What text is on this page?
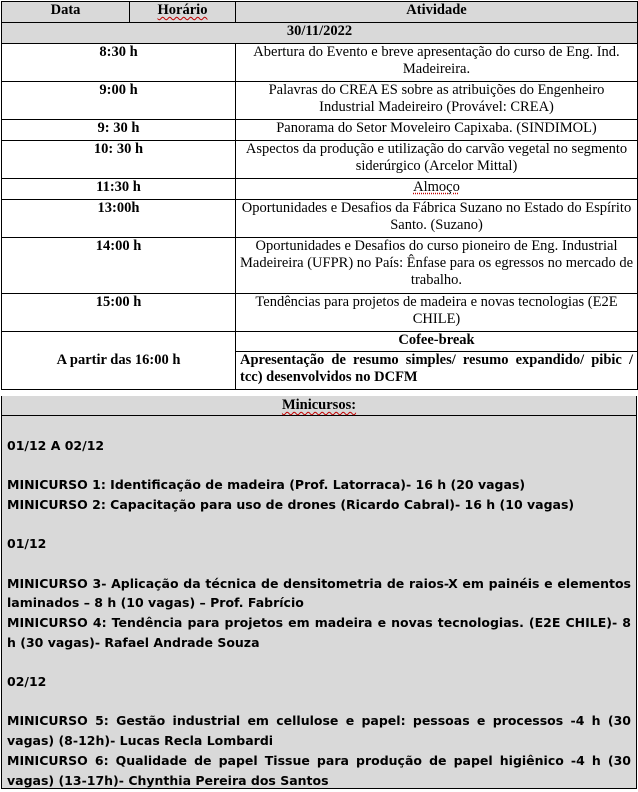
Data	Horário	Atividade
30/11/2022		
8:30 h		Abertura do Evento e breve apresentação do curso de Eng. Ind. Madeireira.
9:00 h		Palavras do CREA ES sobre as atribuições do Engenheiro Industrial Madeireiro (Provável: CREA)
9: 30 h		Panorama do Setor Moveleiro Capixaba. (SINDIMOL)
10: 30 h		Aspectos da produção e utilização do carvão vegetal no segmento siderúrgico (Arcelor Mittal)
11:30 h		Almoço
13:00h		Oportunidades e Desafios da Fábrica Suzano no Estado do Espírito Santo. (Suzano)
14:00 h		Oportunidades e Desafios do curso pioneiro de Eng. Industrial Madeireira (UFPR) no País: Ênfase para os egressos no mercado de trabalho.
15:00 h		Tendências para projetos de madeira e novas tecnologias (E2E CHILE)
A partir das 16:00 h		Cofee-break
		Apresentação de resumo simples/ resumo expandido/ pibic / tcc) desenvolvidos no DCFM
Minicursos:

01/12 A 02/12

MINICURSO 1: Identificação de madeira (Prof. Latorraca)- 16 h (20 vagas)

MINICURSO 2: Capacitação para uso de drones (Ricardo Cabral)- 16 h (10 vagas)

01/12

MINICURSO 3- Aplicação da técnica de densitometria de raios-X em painéis e elementos laminados – 8 h (10 vagas) – Prof. Fabrício

MINICURSO 4: Tendência para projetos em madeira e novas tecnologias. (E2E CHILE)- 8 h (30 vagas)- Rafael Andrade Souza

02/12

MINICURSO 5: Gestão industrial em cellulose e papel: pessoas e processos -4 h (30 vagas) (8-12h)- Lucas Recla Lombardi

MINICURSO 6: Qualidade de papel Tissue para produção de papel higiênico -4 h (30 vagas) (13-17h)- Chynthia Pereira dos Santos
